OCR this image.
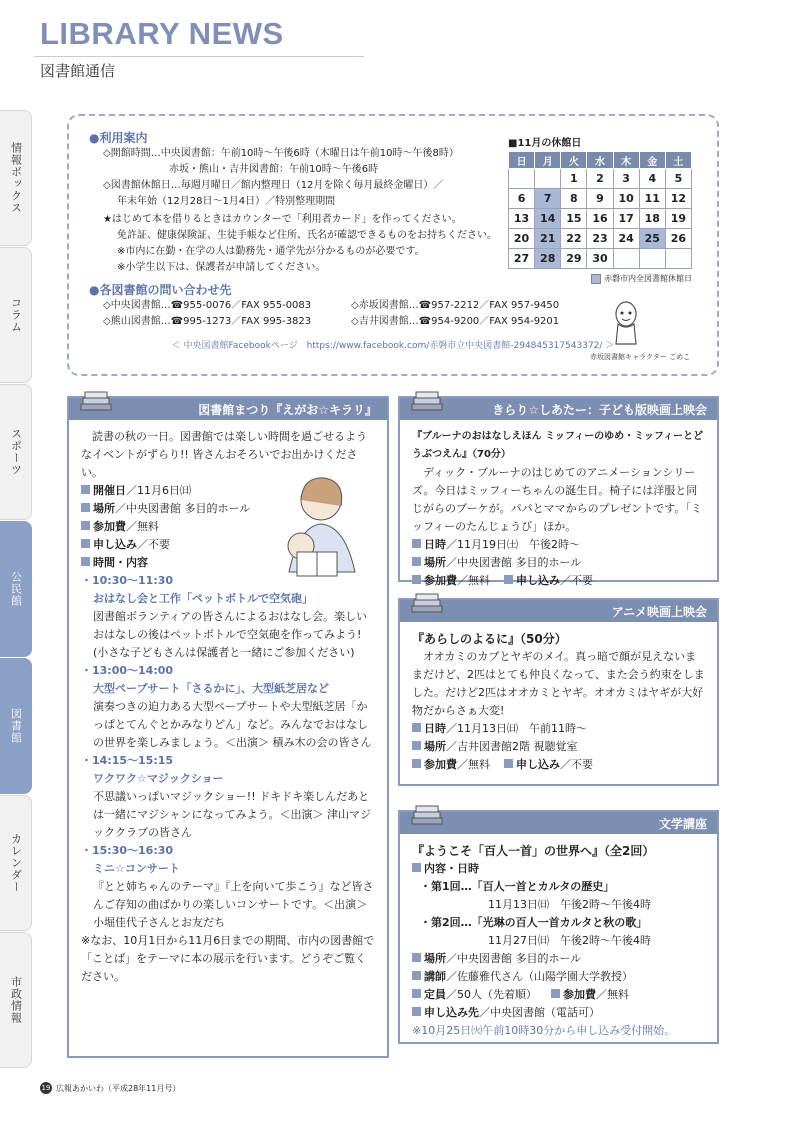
LIBRARY NEWS
図書館通信
情報ボックス
コラム
スポーツ
公民館
図書館
カレンダー
市政情報
●利用案内
◇開館時間…中央図書館：午前10時〜午後6時（木曜日は午前10時〜午後8時）
赤坂・熊山・吉井図書館：午前10時〜午後6時
◇図書館休館日…毎週月曜日／館内整理日（12月を除く毎月最終金曜日）／
年末年始（12月28日〜1月4日）／特別整理期間
★はじめて本を借りるときはカウンターで「利用者カード」を作ってください。
免許証、健康保険証、生徒手帳など住所、氏名が確認できるものをお持ちください。
※市内に在勤・在学の人は勤務先・通学先が分かるものが必要です。
※小学生以下は、保護者が申請してください。
●各図書館の問い合わせ先
◇中央図書館…☎955-0076／FAX 955-0083	◇赤坂図書館…☎957-2212／FAX 957-9450
◇熊山図書館…☎995-1273／FAX 995-3823	◇吉井図書館…☎954-9200／FAX 954-9201
＜ 中央図書館Facebookページ　https://www.facebook.com/赤磐市立中央図書館-294845317543372/ ＞
■11月の休館日
日	月	火	水	木	金	土
		1	2	3	4	5
6	7	8	9	10	11	12
13	14	15	16	17	18	19
20	21	22	23	24	25	26
27	28	29	30			
赤磐市内全図書館休館日
赤坂図書館キャラクター ごめこ
図書館まつり『えがお☆キラリ』
読書の秋の一日。図書館では楽しい時間を過ごせるようなイベントがずらり!! 皆さんおそろいでお出かけください。
開催日／11月6日㈰
場所／中央図書館 多目的ホール
参加費／無料
申し込み／不要
時間・内容
・10:30〜11:30
おはなし会と工作「ペットボトルで空気砲」
図書館ボランティアの皆さんによるおはなし会。楽しいおはなしの後はペットボトルで空気砲を作ってみよう! (小さな子どもさんは保護者と一緒にご参加ください)
・13:00〜14:00
大型ペープサート「さるかに」、大型紙芝居など
演奏つきの迫力ある大型ペープサートや大型紙芝居「かっぱとてんぐとかみなりどん」など。みんなでおはなしの世界を楽しみましょう。＜出演＞ 積み木の会の皆さん
・14:15〜15:15
ワクワク☆マジックショー
不思議いっぱいマジックショー!! ドキドキ楽しんだあとは一緒にマジシャンになってみよう。＜出演＞ 津山マジッククラブの皆さん
・15:30〜16:30
ミニ☆コンサート
『とと姉ちゃんのテーマ』『上を向いて歩こう』など皆さんご存知の曲ばかりの楽しいコンサートです。＜出演＞ 小堀佳代子さんとお友だち
※なお、10月1日から11月6日までの期間、市内の図書館で「ことば」をテーマに本の展示を行います。どうぞご覧ください。
きらり☆しあたー：子ども版映画上映会
『ブルーナのおはなしえほん ミッフィーのゆめ・ミッフィーとどうぶつえん』（70分）
ディック・ブルーナのはじめてのアニメーションシリーズ。今日はミッフィーちゃんの誕生日。椅子には洋服と同じがらのブーケが。パパとママからのプレゼントです。「ミッフィーのたんじょうび」ほか。
日時／11月19日㈯　午後2時〜
場所／中央図書館 多目的ホール
参加費／無料 申し込み／不要
アニメ映画上映会
『あらしのよるに』（50分）
オオカミのカブとヤギのメイ。真っ暗で顔が見えないままだけど、2匹はとても仲良くなって、また会う約束をしました。だけど2匹はオオカミとヤギ。オオカミはヤギが大好物だからさぁ大変!
日時／11月13日㈰　午前11時〜
場所／吉井図書館2階 視聴覚室
参加費／無料 申し込み／不要
文学講座
『ようこそ「百人一首」の世界へ』（全2回）
内容・日時
・第1回…「百人一首とカルタの歴史」
11月13日㈰　午後2時〜午後4時
・第2回…「光琳の百人一首カルタと秋の歌」
11月27日㈰　午後2時〜午後4時
場所／中央図書館 多目的ホール
講師／佐藤雅代さん（山陽学園大学教授）
定員／50人（先着順） 参加費／無料
申し込み先／中央図書館（電話可）
※10月25日㈫午前10時30分から申し込み受付開始。
19 広報あかいわ（平成28年11月号）
